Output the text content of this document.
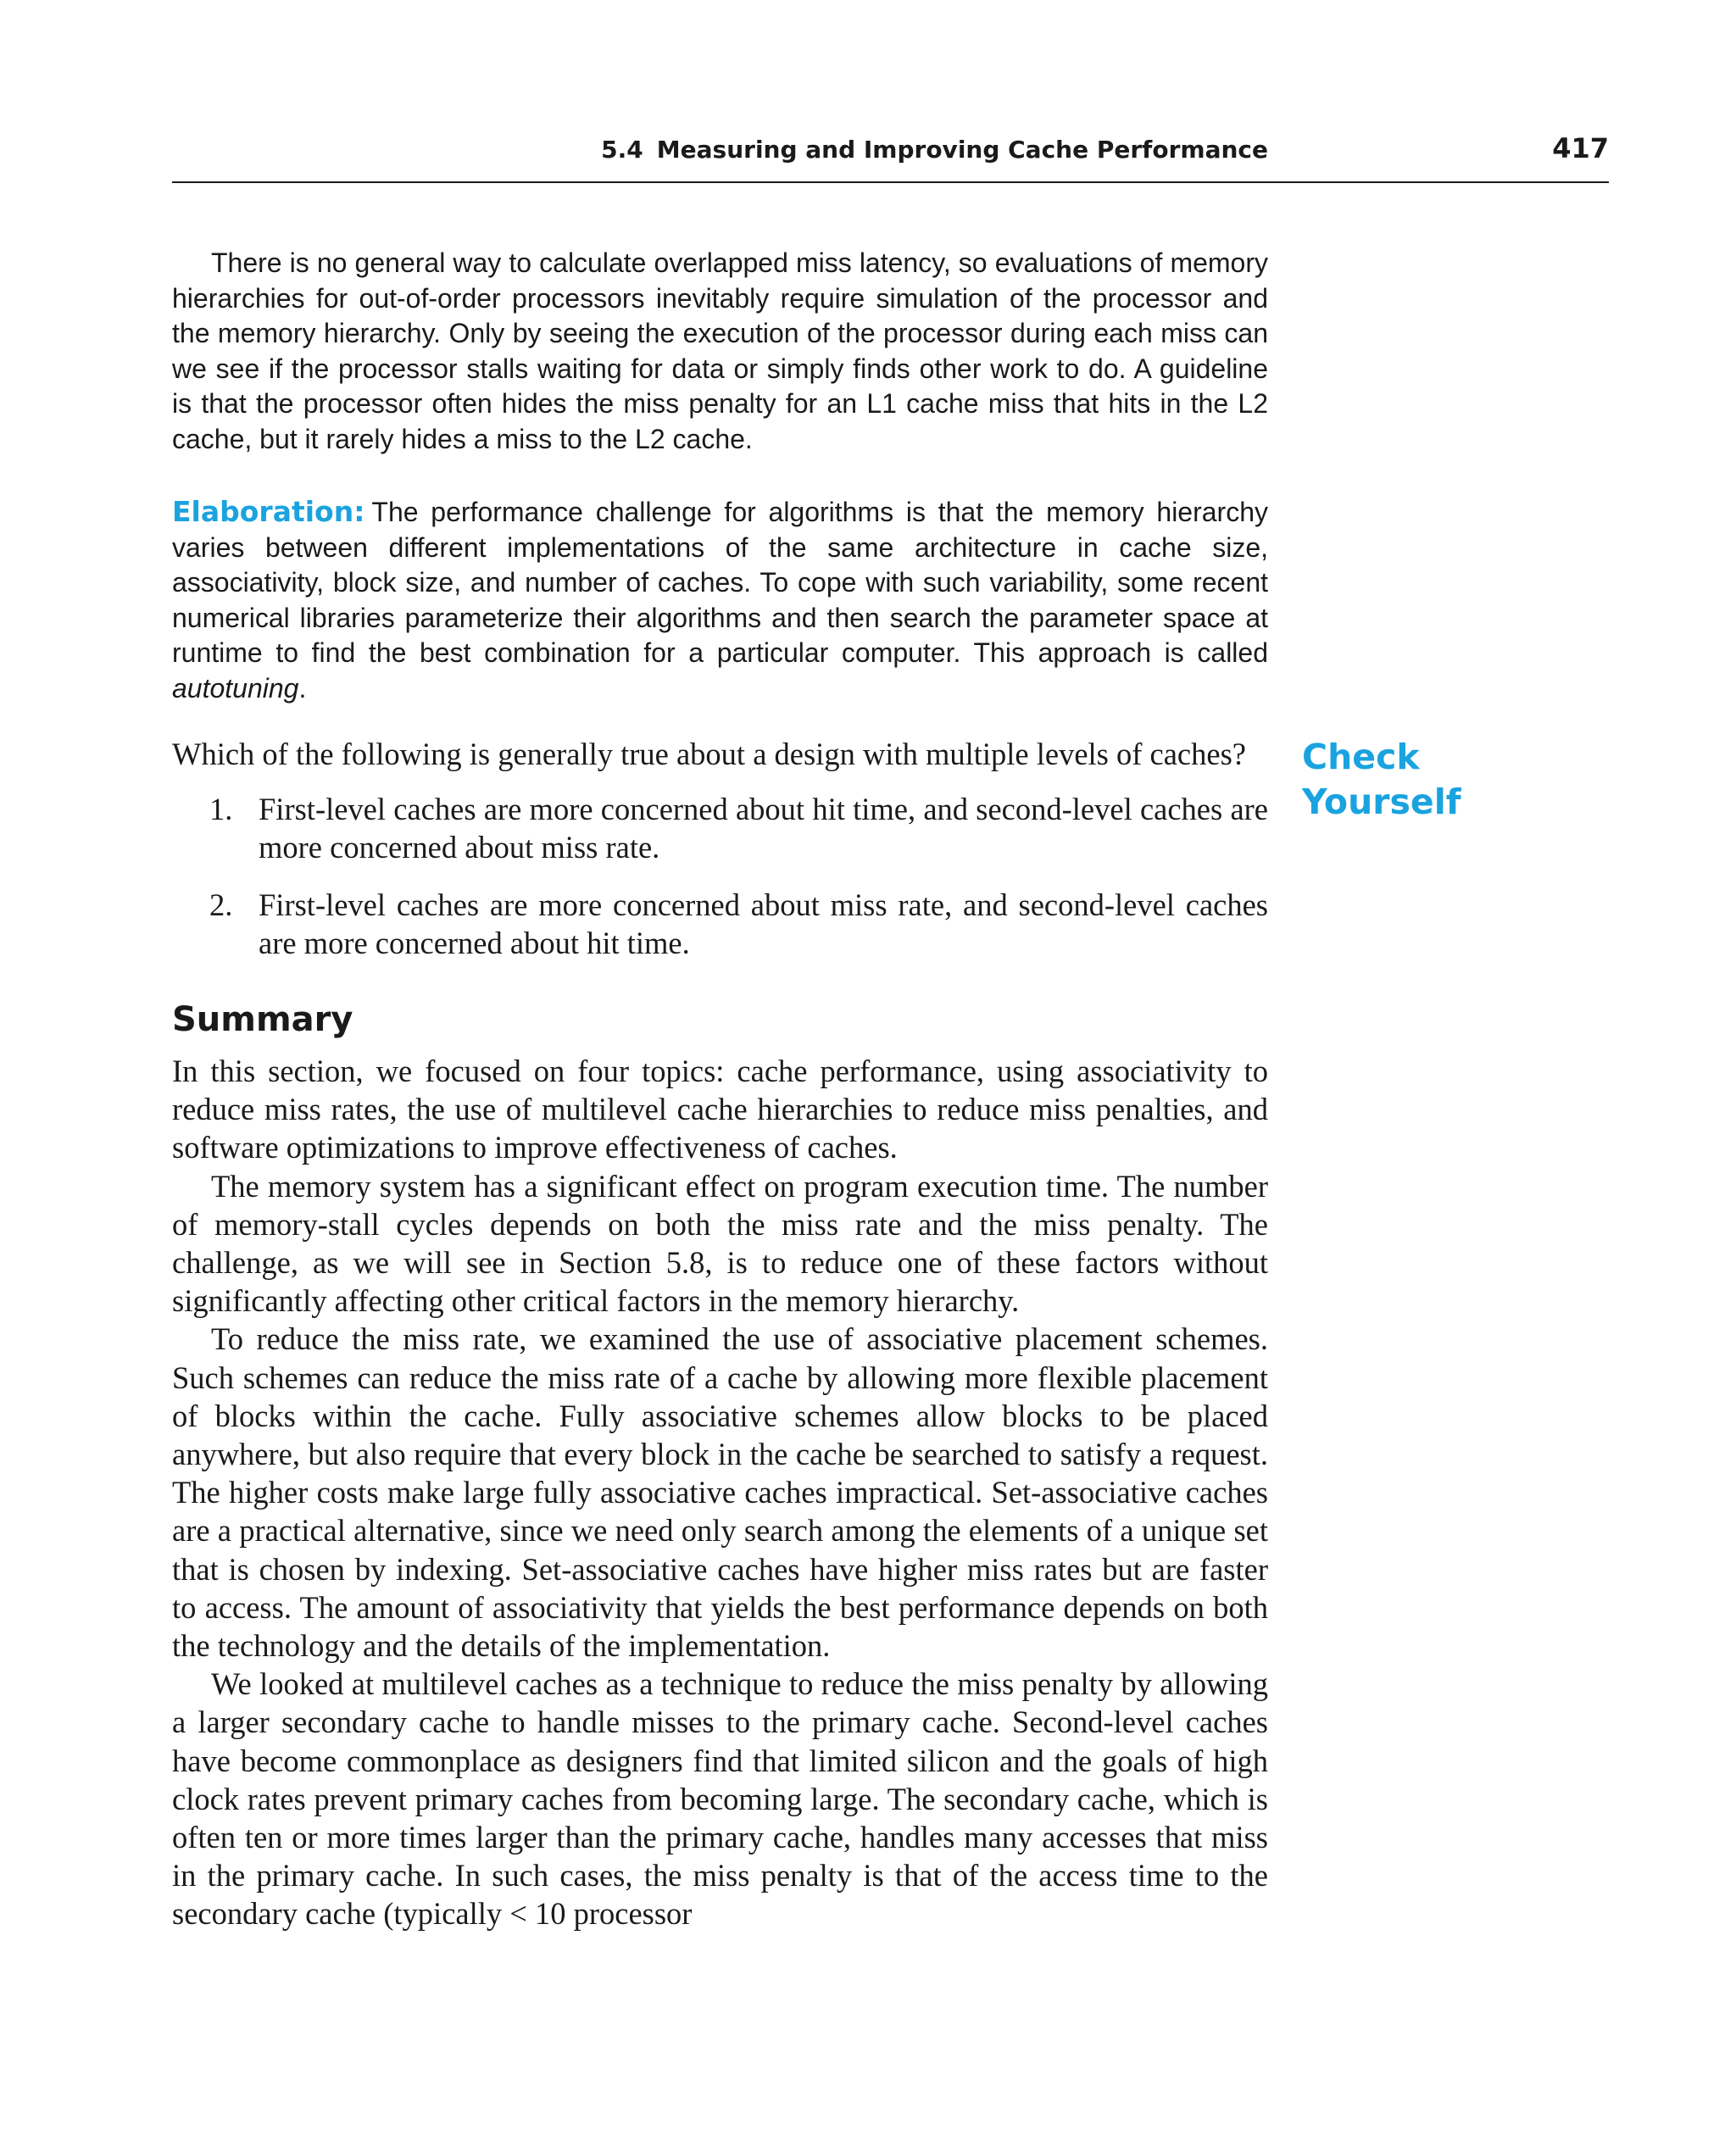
5.4 Measuring and Improving Cache Performance	417

There is no general way to calculate overlapped miss latency, so evaluations of memory hierarchies for out-of-order processors inevitably require simulation of the processor and the memory hierarchy. Only by seeing the execution of the processor during each miss can we see if the processor stalls waiting for data or simply finds other work to do. A guideline is that the processor often hides the miss penalty for an L1 cache miss that hits in the L2 cache, but it rarely hides a miss to the L2 cache.

Elaboration: The performance challenge for algorithms is that the memory hierarchy varies between different implementations of the same architecture in cache size, associativity, block size, and number of caches. To cope with such variability, some recent numerical libraries parameterize their algorithms and then search the parameter space at runtime to find the best combination for a particular computer. This approach is called autotuning.

Check
Yourself

Which of the following is generally true about a design with multiple levels of caches?

1. First-level caches are more concerned about hit time, and second-level caches are more concerned about miss rate.
2. First-level caches are more concerned about miss rate, and second-level caches are more concerned about hit time.
Summary

In this section, we focused on four topics: cache performance, using associativity to reduce miss rates, the use of multilevel cache hierarchies to reduce miss penalties, and software optimizations to improve effectiveness of caches.

The memory system has a significant effect on program execution time. The number of memory-stall cycles depends on both the miss rate and the miss penalty. The challenge, as we will see in Section 5.8, is to reduce one of these factors without significantly affecting other critical factors in the memory hierarchy.

To reduce the miss rate, we examined the use of associative placement schemes. Such schemes can reduce the miss rate of a cache by allowing more flexible placement of blocks within the cache. Fully associative schemes allow blocks to be placed anywhere, but also require that every block in the cache be searched to satisfy a request. The higher costs make large fully associative caches impractical. Set-associative caches are a practical alternative, since we need only search among the elements of a unique set that is chosen by indexing. Set-associative caches have higher miss rates but are faster to access. The amount of associativity that yields the best performance depends on both the technology and the details of the implementation.

We looked at multilevel caches as a technique to reduce the miss penalty by allowing a larger secondary cache to handle misses to the primary cache. Second-level caches have become commonplace as designers find that limited silicon and the goals of high clock rates prevent primary caches from becoming large. The secondary cache, which is often ten or more times larger than the primary cache, handles many accesses that miss in the primary cache. In such cases, the miss penalty is that of the access time to the secondary cache (typically < 10 processor
